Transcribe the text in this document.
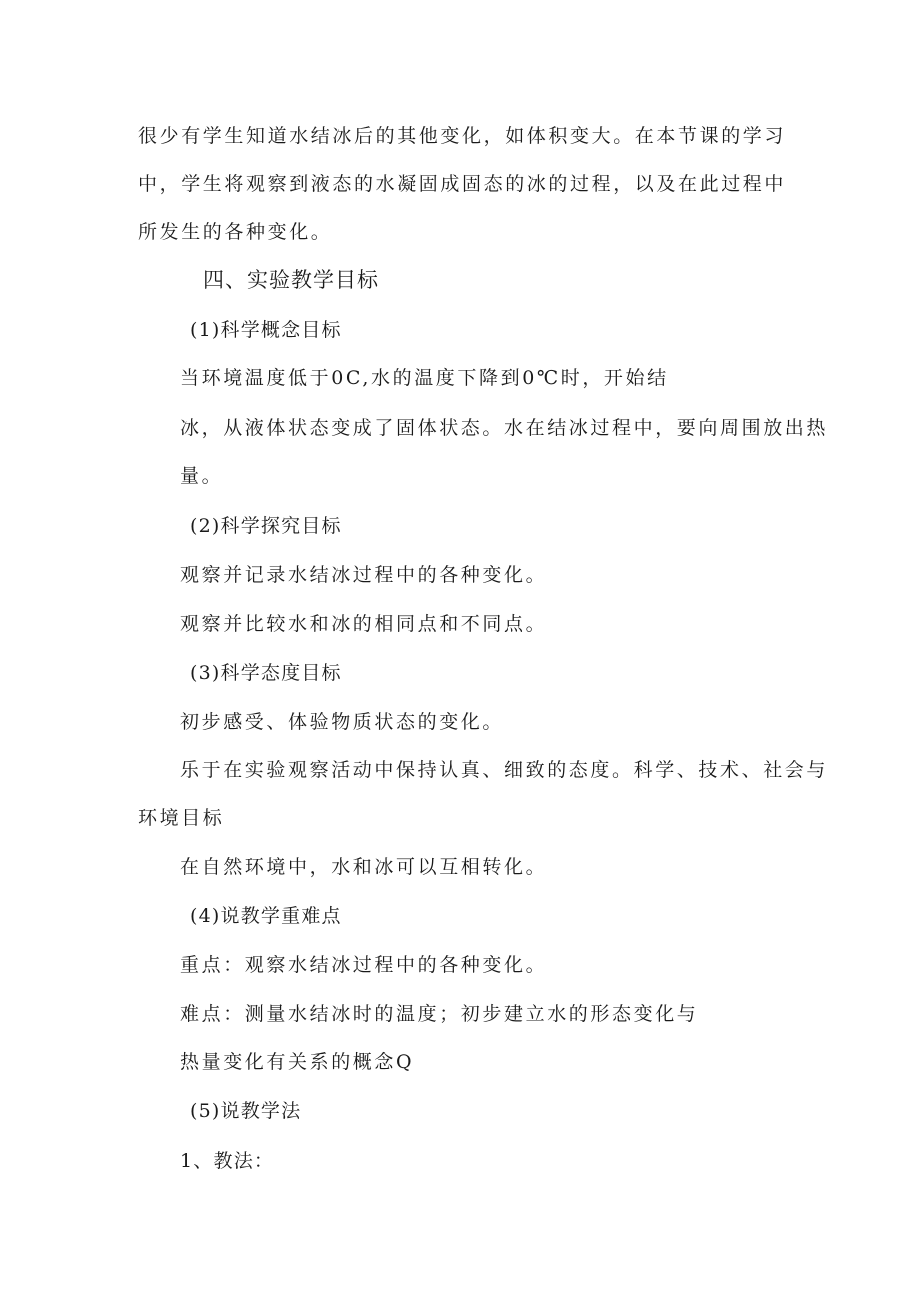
很少有学生知道水结冰后的其他变化，如体积变大。在本节课的学习
中，学生将观察到液态的水凝固成固态的冰的过程，以及在此过程中
所发生的各种变化。
四、实验教学目标
(1)科学概念目标
当环境温度低于0C,水的温度下降到0℃时，开始结
冰，从液体状态变成了固体状态。水在结冰过程中，要向周围放出热
量。
(2)科学探究目标
观察并记录水结冰过程中的各种变化。
观察并比较水和冰的相同点和不同点。
(3)科学态度目标
初步感受、体验物质状态的变化。
乐于在实验观察活动中保持认真、细致的态度。科学、技术、社会与
环境目标
在自然环境中，水和冰可以互相转化。
(4)说教学重难点
重点：观察水结冰过程中的各种变化。
难点：测量水结冰时的温度；初步建立水的形态变化与
热量变化有关系的概念Q
(5)说教学法
1、教法：
